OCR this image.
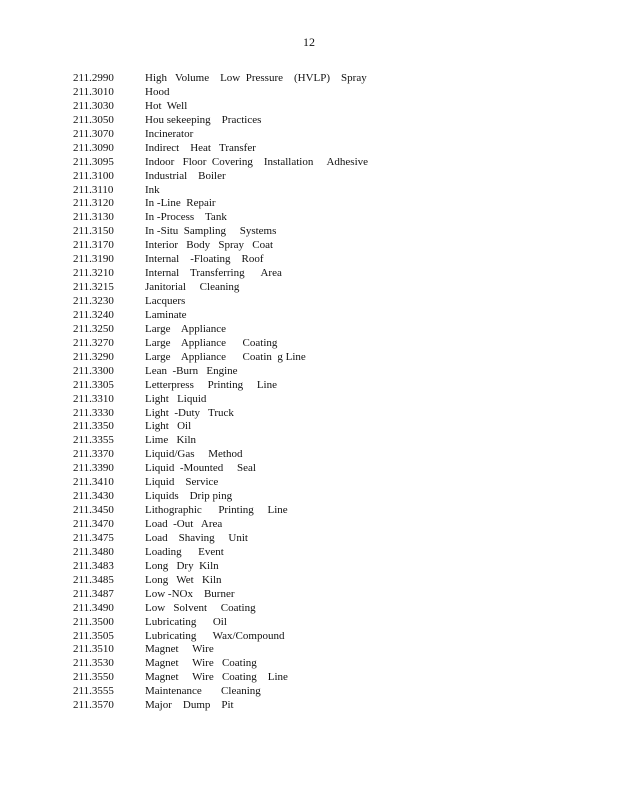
12
211.2990	High   Volume    Low  Pressure    (HVLP)    Spray
211.3010	Hood
211.3030	Hot  Well
211.3050	Hou sekeeping    Practices
211.3070	Incinerator
211.3090	Indirect    Heat   Transfer
211.3095	Indoor   Floor  Covering    Installation     Adhesive
211.3100	Industrial    Boiler
211.3110	Ink
211.3120	In -Line  Repair
211.3130	In -Process    Tank
211.3150	In -Situ  Sampling     Systems
211.3170	Interior   Body   Spray   Coat
211.3190	Internal    -Floating    Roof
211.3210	Internal    Transferring      Area
211.3215	Janitorial     Cleaning
211.3230	Lacquers
211.3240	Laminate
211.3250	Large    Appliance
211.3270	Large    Appliance      Coating
211.3290	Large    Appliance      Coatin  g Line
211.3300	Lean  -Burn   Engine
211.3305	Letterpress     Printing     Line
211.3310	Light   Liquid
211.3330	Light  -Duty   Truck
211.3350	Light   Oil
211.3355	Lime   Kiln
211.3370	Liquid/Gas     Method
211.3390	Liquid  -Mounted     Seal
211.3410	Liquid    Service
211.3430	Liquids    Drip ping
211.3450	Lithographic      Printing     Line
211.3470	Load  -Out   Area
211.3475	Load    Shaving     Unit
211.3480	Loading      Event
211.3483	Long   Dry  Kiln
211.3485	Long   Wet   Kiln
211.3487	Low -NOx    Burner
211.3490	Low   Solvent     Coating
211.3500	Lubricating      Oil
211.3505	Lubricating      Wax/Compound
211.3510	Magnet     Wire
211.3530	Magnet     Wire   Coating
211.3550	Magnet     Wire   Coating    Line
211.3555	Maintenance       Cleaning
211.3570	Major    Dump    Pit
